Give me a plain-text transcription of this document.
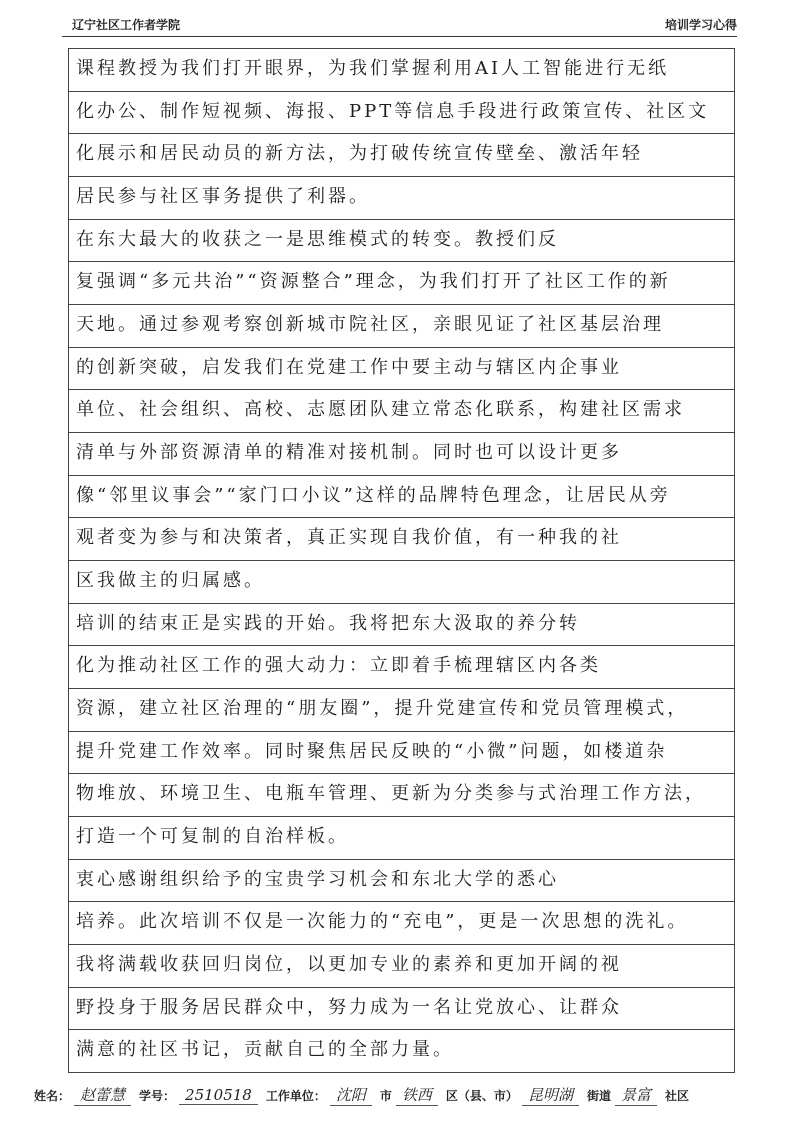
辽宁社区工作者学院	培训学习心得
课程教授为我们打开眼界，为我们掌握利用AI人工智能进行无纸
化办公、制作短视频、海报、PPT等信息手段进行政策宣传、社区文
化展示和居民动员的新方法，为打破传统宣传壁垒、激活年轻
居民参与社区事务提供了利器。
在东大最大的收获之一是思维模式的转变。教授们反
复强调“多元共治”“资源整合”理念，为我们打开了社区工作的新
天地。通过参观考察创新城市院社区，亲眼见证了社区基层治理
的创新突破，启发我们在党建工作中要主动与辖区内企事业
单位、社会组织、高校、志愿团队建立常态化联系，构建社区需求
清单与外部资源清单的精准对接机制。同时也可以设计更多
像“邻里议事会”“家门口小议”这样的品牌特色理念，让居民从旁
观者变为参与和决策者，真正实现自我价值，有一种我的社
区我做主的归属感。
培训的结束正是实践的开始。我将把东大汲取的养分转
化为推动社区工作的强大动力：立即着手梳理辖区内各类
资源，建立社区治理的“朋友圈”，提升党建宣传和党员管理模式，
提升党建工作效率。同时聚焦居民反映的“小微”问题，如楼道杂
物堆放、环境卫生、电瓶车管理、更新为分类参与式治理工作方法，
打造一个可复制的自治样板。
衷心感谢组织给予的宝贵学习机会和东北大学的悉心
培养。此次培训不仅是一次能力的“充电”，更是一次思想的洗礼。
我将满载收获回归岗位，以更加专业的素养和更加开阔的视
野投身于服务居民群众中，努力成为一名让党放心、让群众
满意的社区书记，贡献自己的全部力量。
姓名： 赵蕾慧	学号： 2510518	工作单位： 沈阳	市 铁西	区（县、市） 昆明湖	街道 景富	社区
